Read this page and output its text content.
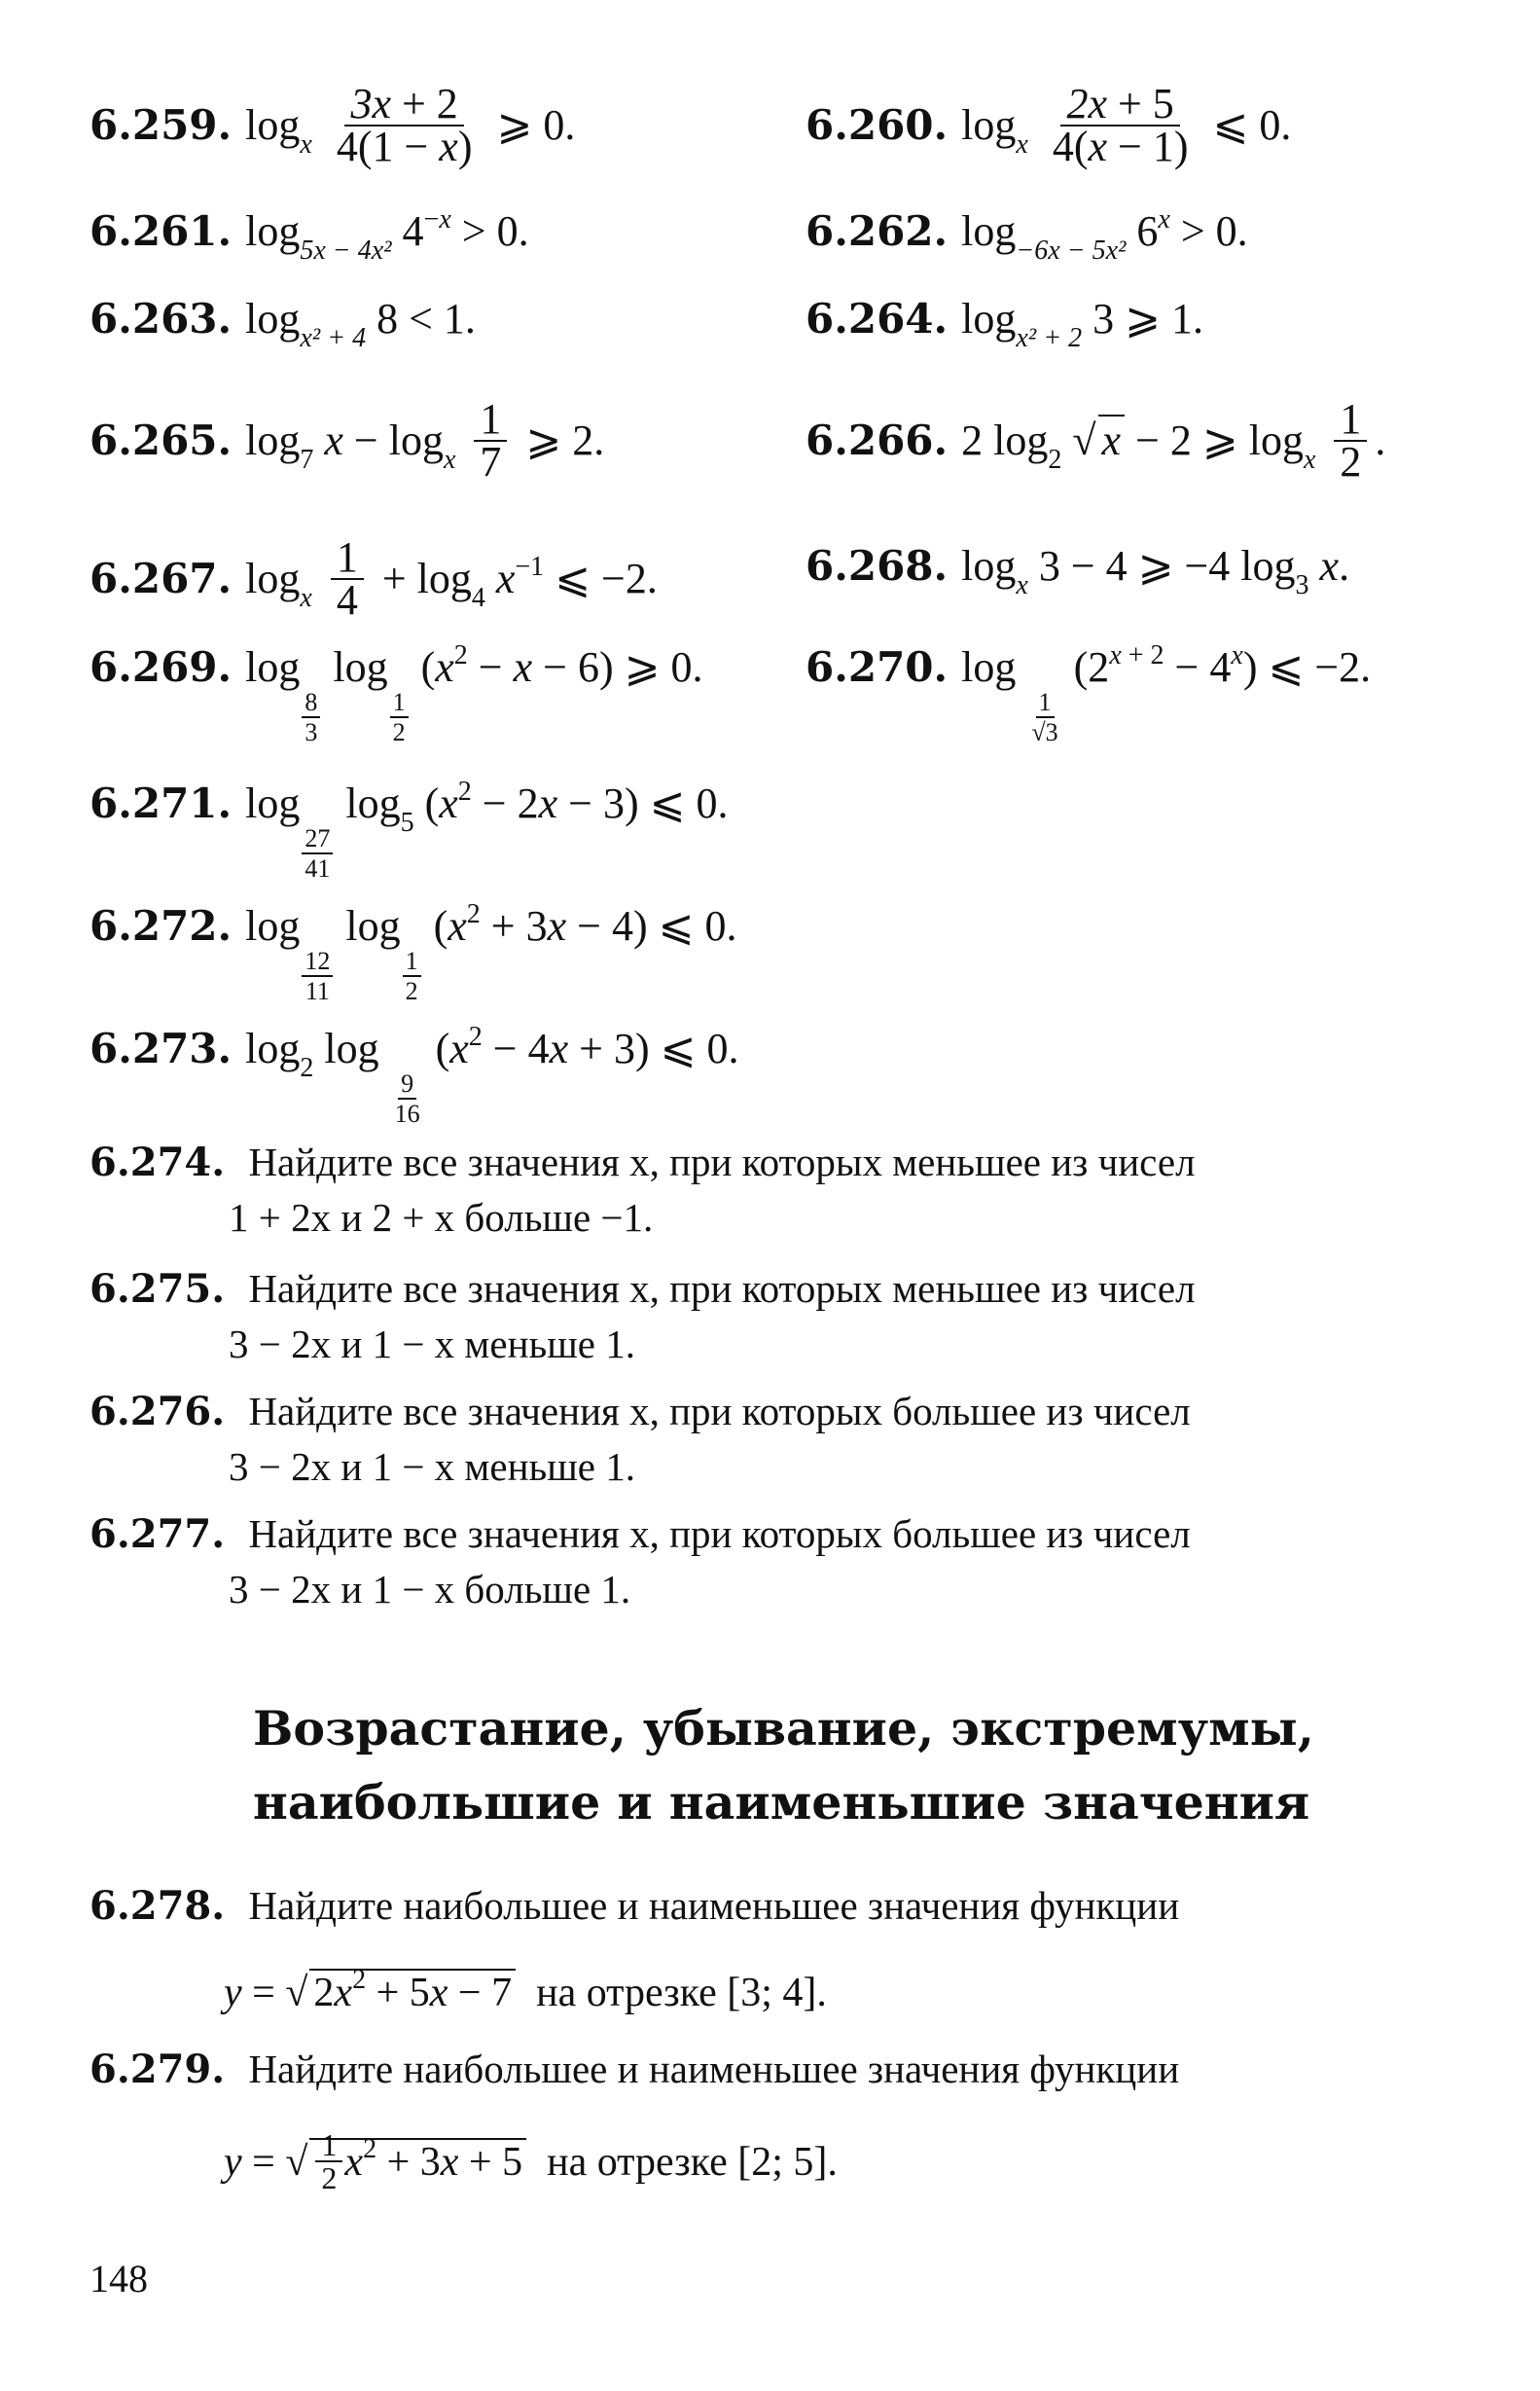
6.259. $\log_x \frac{3x + 2}{4(1 - x)}$ ⩾ 0.	6.260. $\log_x \frac{2x + 5}{4(x - 1)}$ ⩽ 0.
6.261. $\log_{5x - 4x^2} 4^{-x} > 0$.	6.262. $\log_{-6x - 5x^2} 6^x > 0$.
6.263. $\log_{x^2 + 4} 8 < 1$.	6.264. $\log_{x^2 + 2} 3$ ⩾ 1.
6.265. $\log_7 x - \log_x \frac{1}{7}$ ⩾ 2.	6.266. 2 $\log_2$ √ x − 2 ⩾ $\log_x \frac{1}{2}$ .
6.267. $\log_x \frac{1}{4} + \log_4 x^{-1}$ ⩽ −2.	6.268. $\log_x 3 - 4$ ⩾ −4 $\log_3 x$.
6.269. log
$\frac{8}{3}$
log
$\frac{1}{2}$
$(x^2 - x - 6)$ ⩾ 0.	6.270. log
$\frac{1}{√3}$
$(2^{x + 2} - 4^x)$ ⩽ −2.
6.271. log
$\frac{27}{41}$
$\log_5 (x^2 - 2x - 3)$ ⩽ 0.
6.272. log
$\frac{12}{11}$
log
$\frac{1}{2}$
$(x^2 + 3x - 4)$ ⩽ 0.
6.273. $\log_2 \log$
$\frac{9}{16}$
$(x^2 - 4x + 3)$ ⩽ 0.
6.274. Найдите все значения x, при которых меньшее из чисел
1 + 2x и 2 + x больше −1.
6.275. Найдите все значения x, при которых меньшее из чисел
3 − 2x и 1 − x меньше 1.
6.276. Найдите все значения x, при которых большее из чисел
3 − 2x и 1 − x меньше 1.
6.277. Найдите все значения x, при которых большее из чисел
3 − 2x и 1 − x больше 1.
Возрастание, убывание, экстремумы,
наибольшие и наименьшие значения
6.278. Найдите наибольшее и наименьшее значения функции
y = √ $2x^2 + 5x - 7$ на отрезке [3; 4].
6.279. Найдите наибольшее и наименьшее значения функции
y = √ $\frac{1}{2} x^2 + 3x + 5$ на отрезке [2; 5].
148
